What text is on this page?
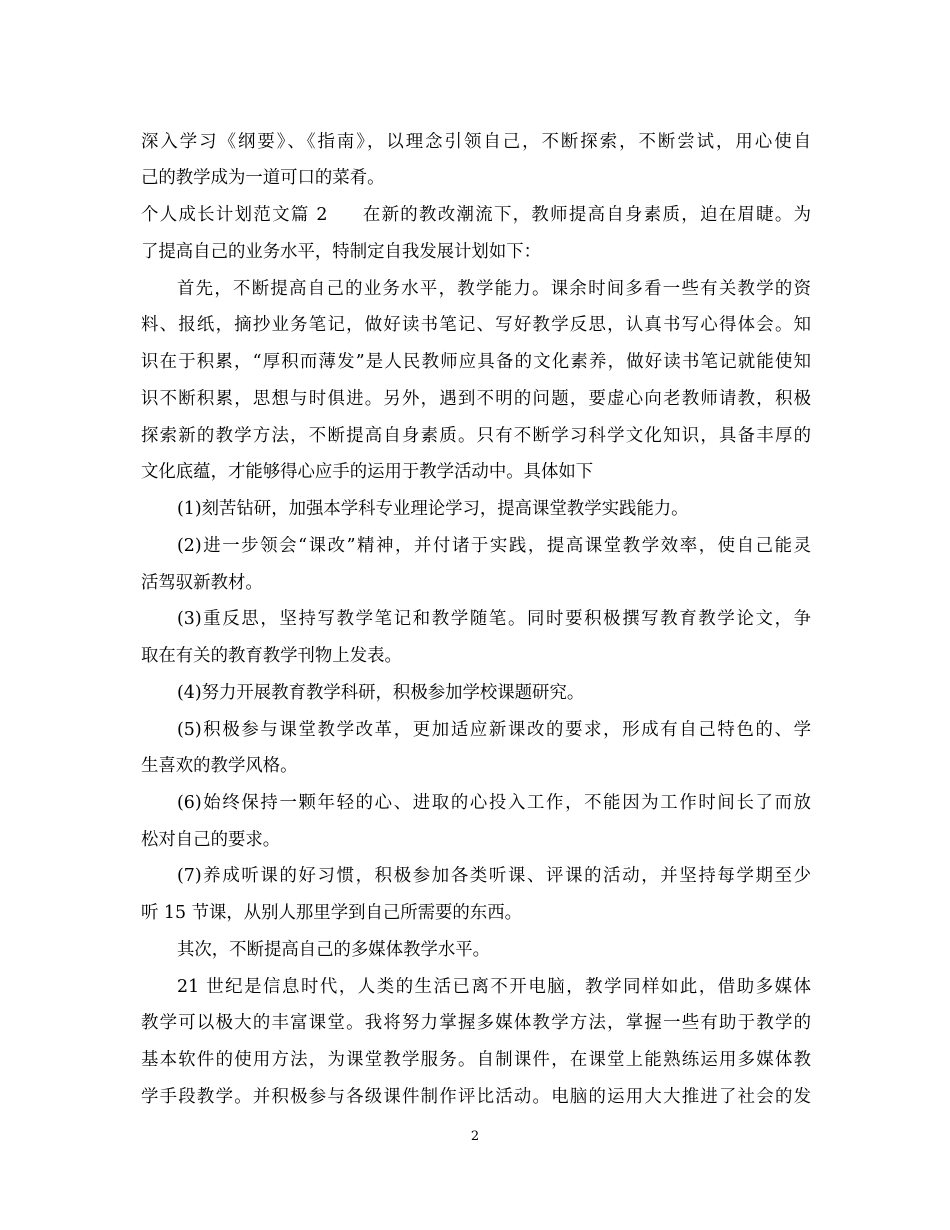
深入学习《纲要》、《指南》，以理念引领自己，不断探索，不断尝试，用心使自
己的教学成为一道可口的菜肴。
个人成长计划范文篇 2 在新的教改潮流下，教师提高自身素质，迫在眉睫。为
了提高自己的业务水平，特制定自我发展计划如下：
首先，不断提高自己的业务水平，教学能力。课余时间多看一些有关教学的资
料、报纸，摘抄业务笔记，做好读书笔记、写好教学反思，认真书写心得体会。知
识在于积累，“厚积而薄发”是人民教师应具备的文化素养，做好读书笔记就能使知
识不断积累，思想与时俱进。另外，遇到不明的问题，要虚心向老教师请教，积极
探索新的教学方法，不断提高自身素质。只有不断学习科学文化知识，具备丰厚的
文化底蕴，才能够得心应手的运用于教学活动中。具体如下
(1)刻苦钻研，加强本学科专业理论学习，提高课堂教学实践能力。
(2)进一步领会“课改”精神，并付诸于实践，提高课堂教学效率，使自己能灵
活驾驭新教材。
(3)重反思，坚持写教学笔记和教学随笔。同时要积极撰写教育教学论文，争
取在有关的教育教学刊物上发表。
(4)努力开展教育教学科研，积极参加学校课题研究。
(5)积极参与课堂教学改革，更加适应新课改的要求，形成有自己特色的、学
生喜欢的教学风格。
(6)始终保持一颗年轻的心、进取的心投入工作，不能因为工作时间长了而放
松对自己的要求。
(7)养成听课的好习惯，积极参加各类听课、评课的活动，并坚持每学期至少
听 15 节课，从别人那里学到自己所需要的东西。
其次，不断提高自己的多媒体教学水平。
21 世纪是信息时代，人类的生活已离不开电脑，教学同样如此，借助多媒体
教学可以极大的丰富课堂。我将努力掌握多媒体教学方法，掌握一些有助于教学的
基本软件的使用方法，为课堂教学服务。自制课件，在课堂上能熟练运用多媒体教
学手段教学。并积极参与各级课件制作评比活动。电脑的运用大大推进了社会的发
2
